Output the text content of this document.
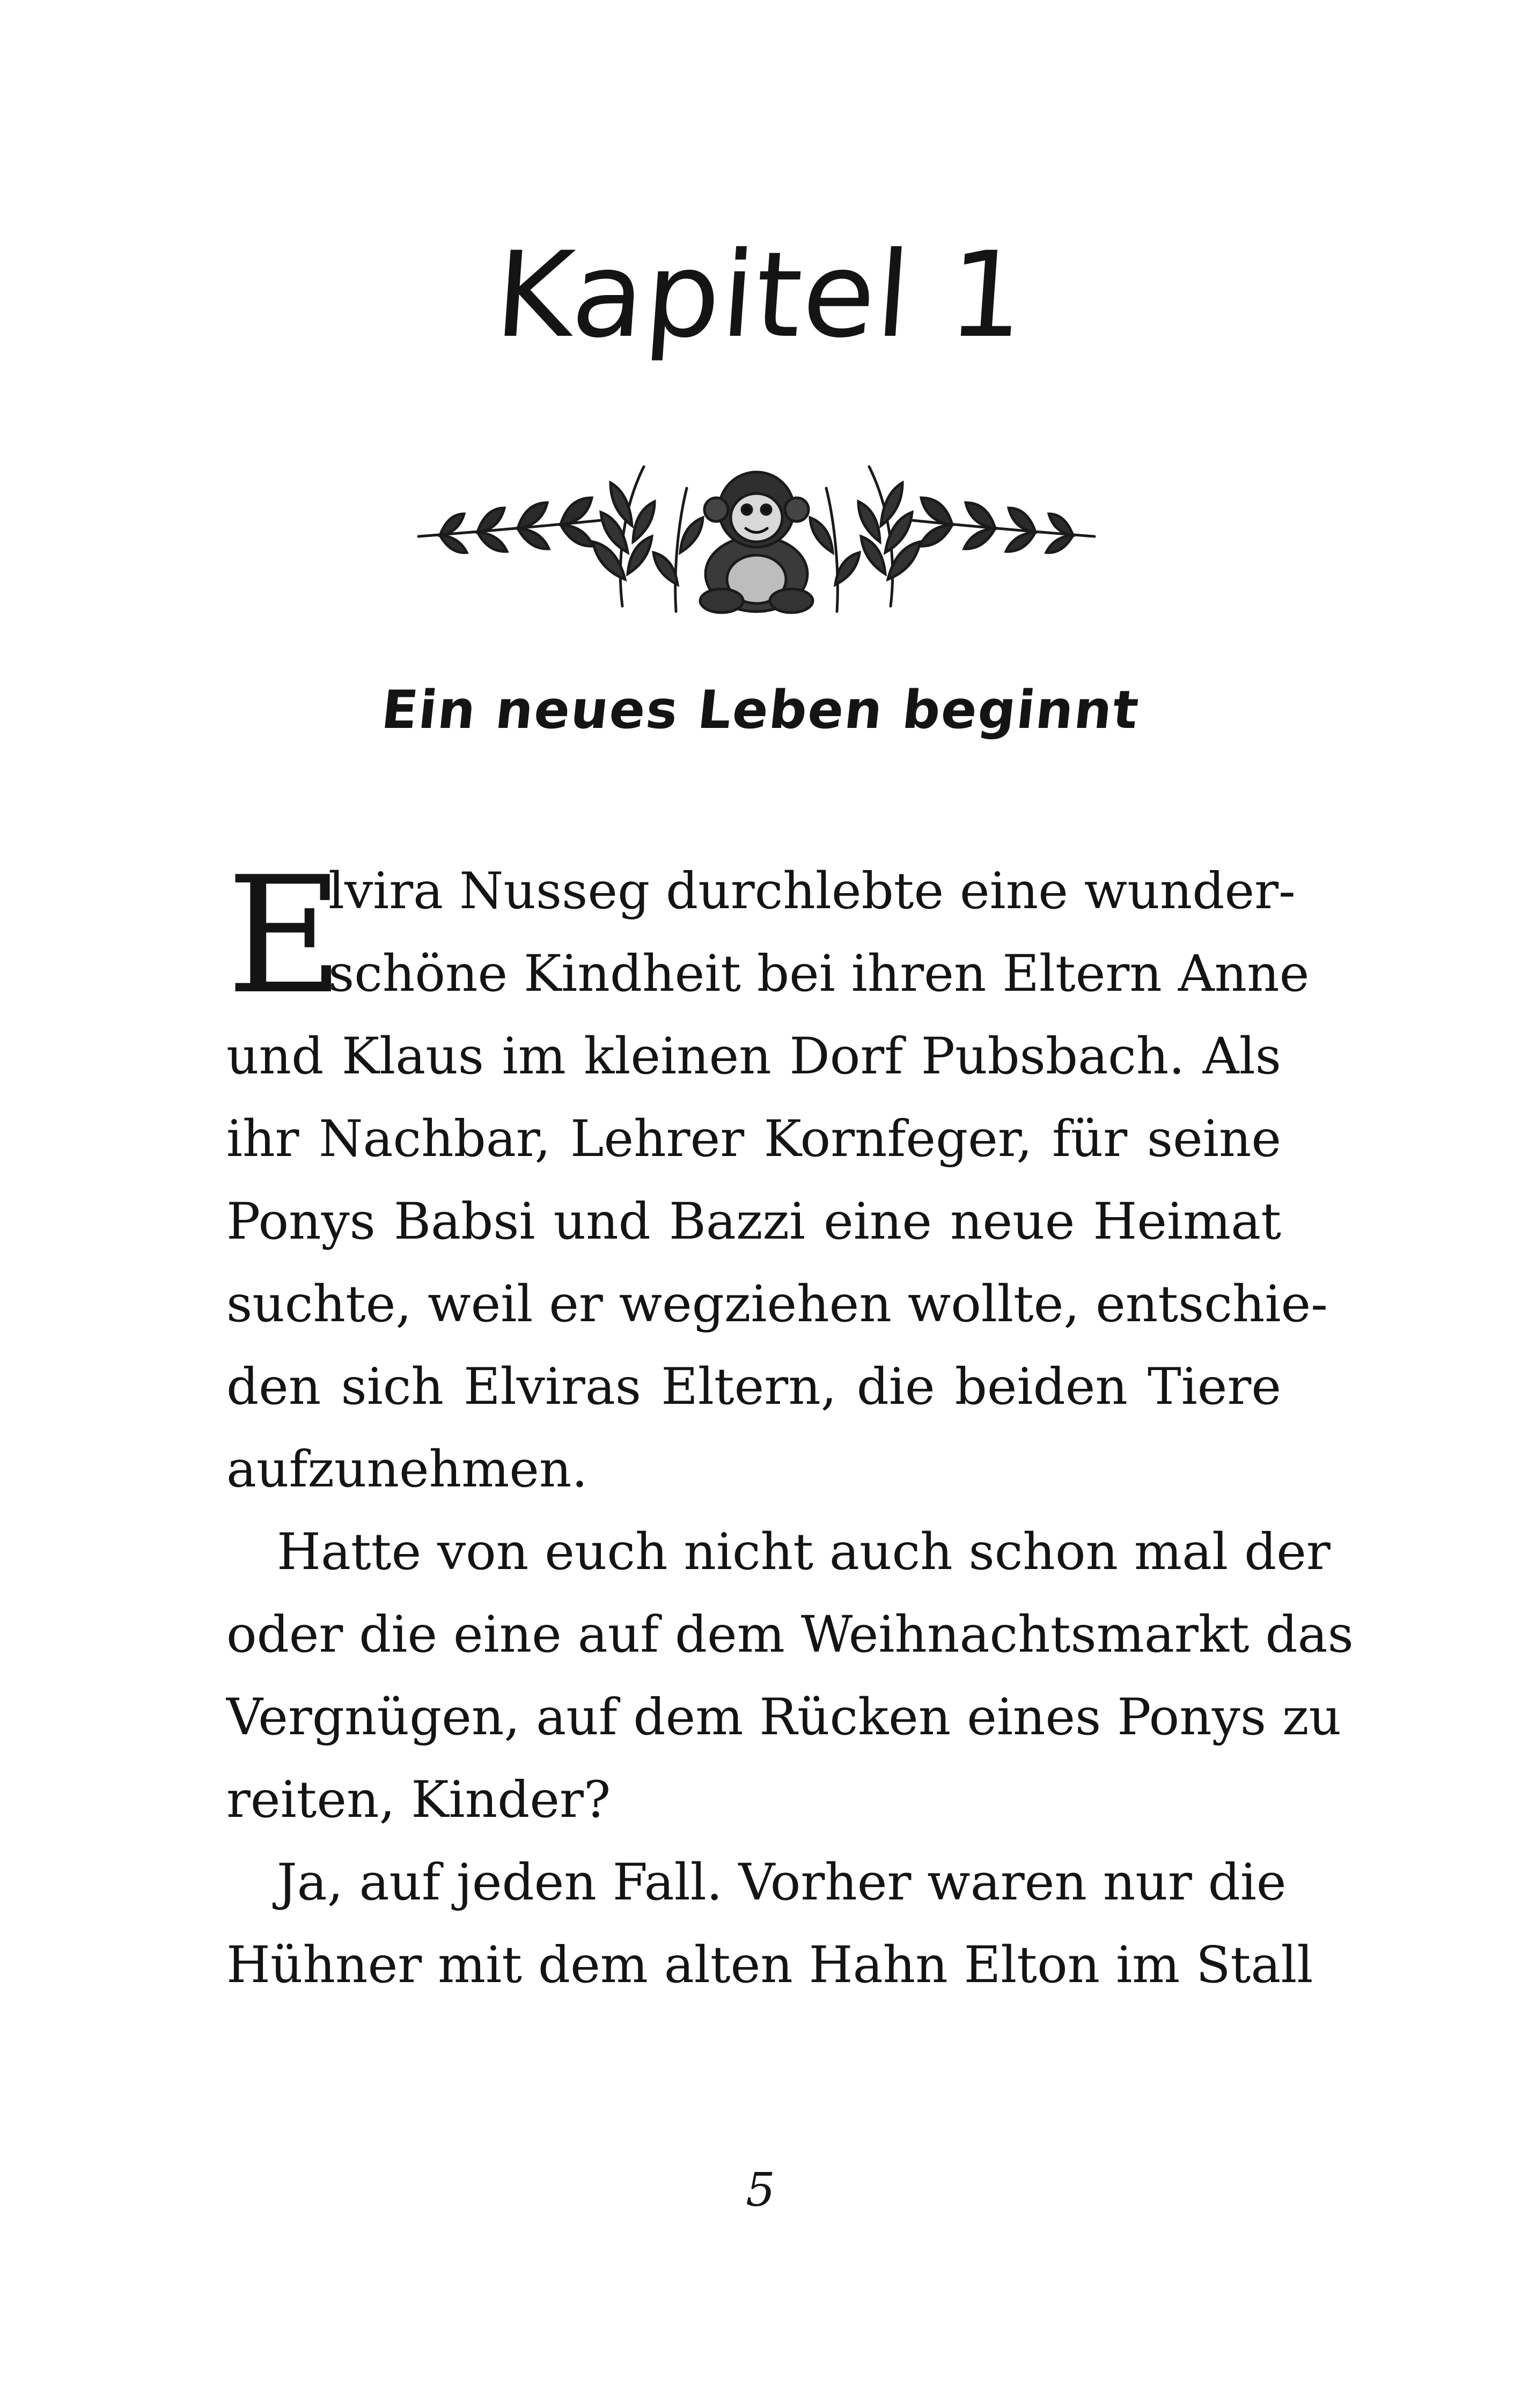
Kapitel 1
Ein neues Leben beginnt
E
lvira Nusseg durchlebte eine wunder-
schöne Kindheit bei ihren Eltern Anne
und Klaus im kleinen Dorf Pubsbach. Als
ihr Nachbar, Lehrer Kornfeger, für seine
Ponys Babsi und Bazzi eine neue Heimat
suchte, weil er wegziehen wollte, entschie-
den sich Elviras Eltern, die beiden Tiere
aufzunehmen.
Hatte von euch nicht auch schon mal der
oder die eine auf dem Weihnachtsmarkt das
Vergnügen, auf dem Rücken eines Ponys zu
reiten, Kinder?
Ja, auf jeden Fall. Vorher waren nur die
Hühner mit dem alten Hahn Elton im Stall
5
